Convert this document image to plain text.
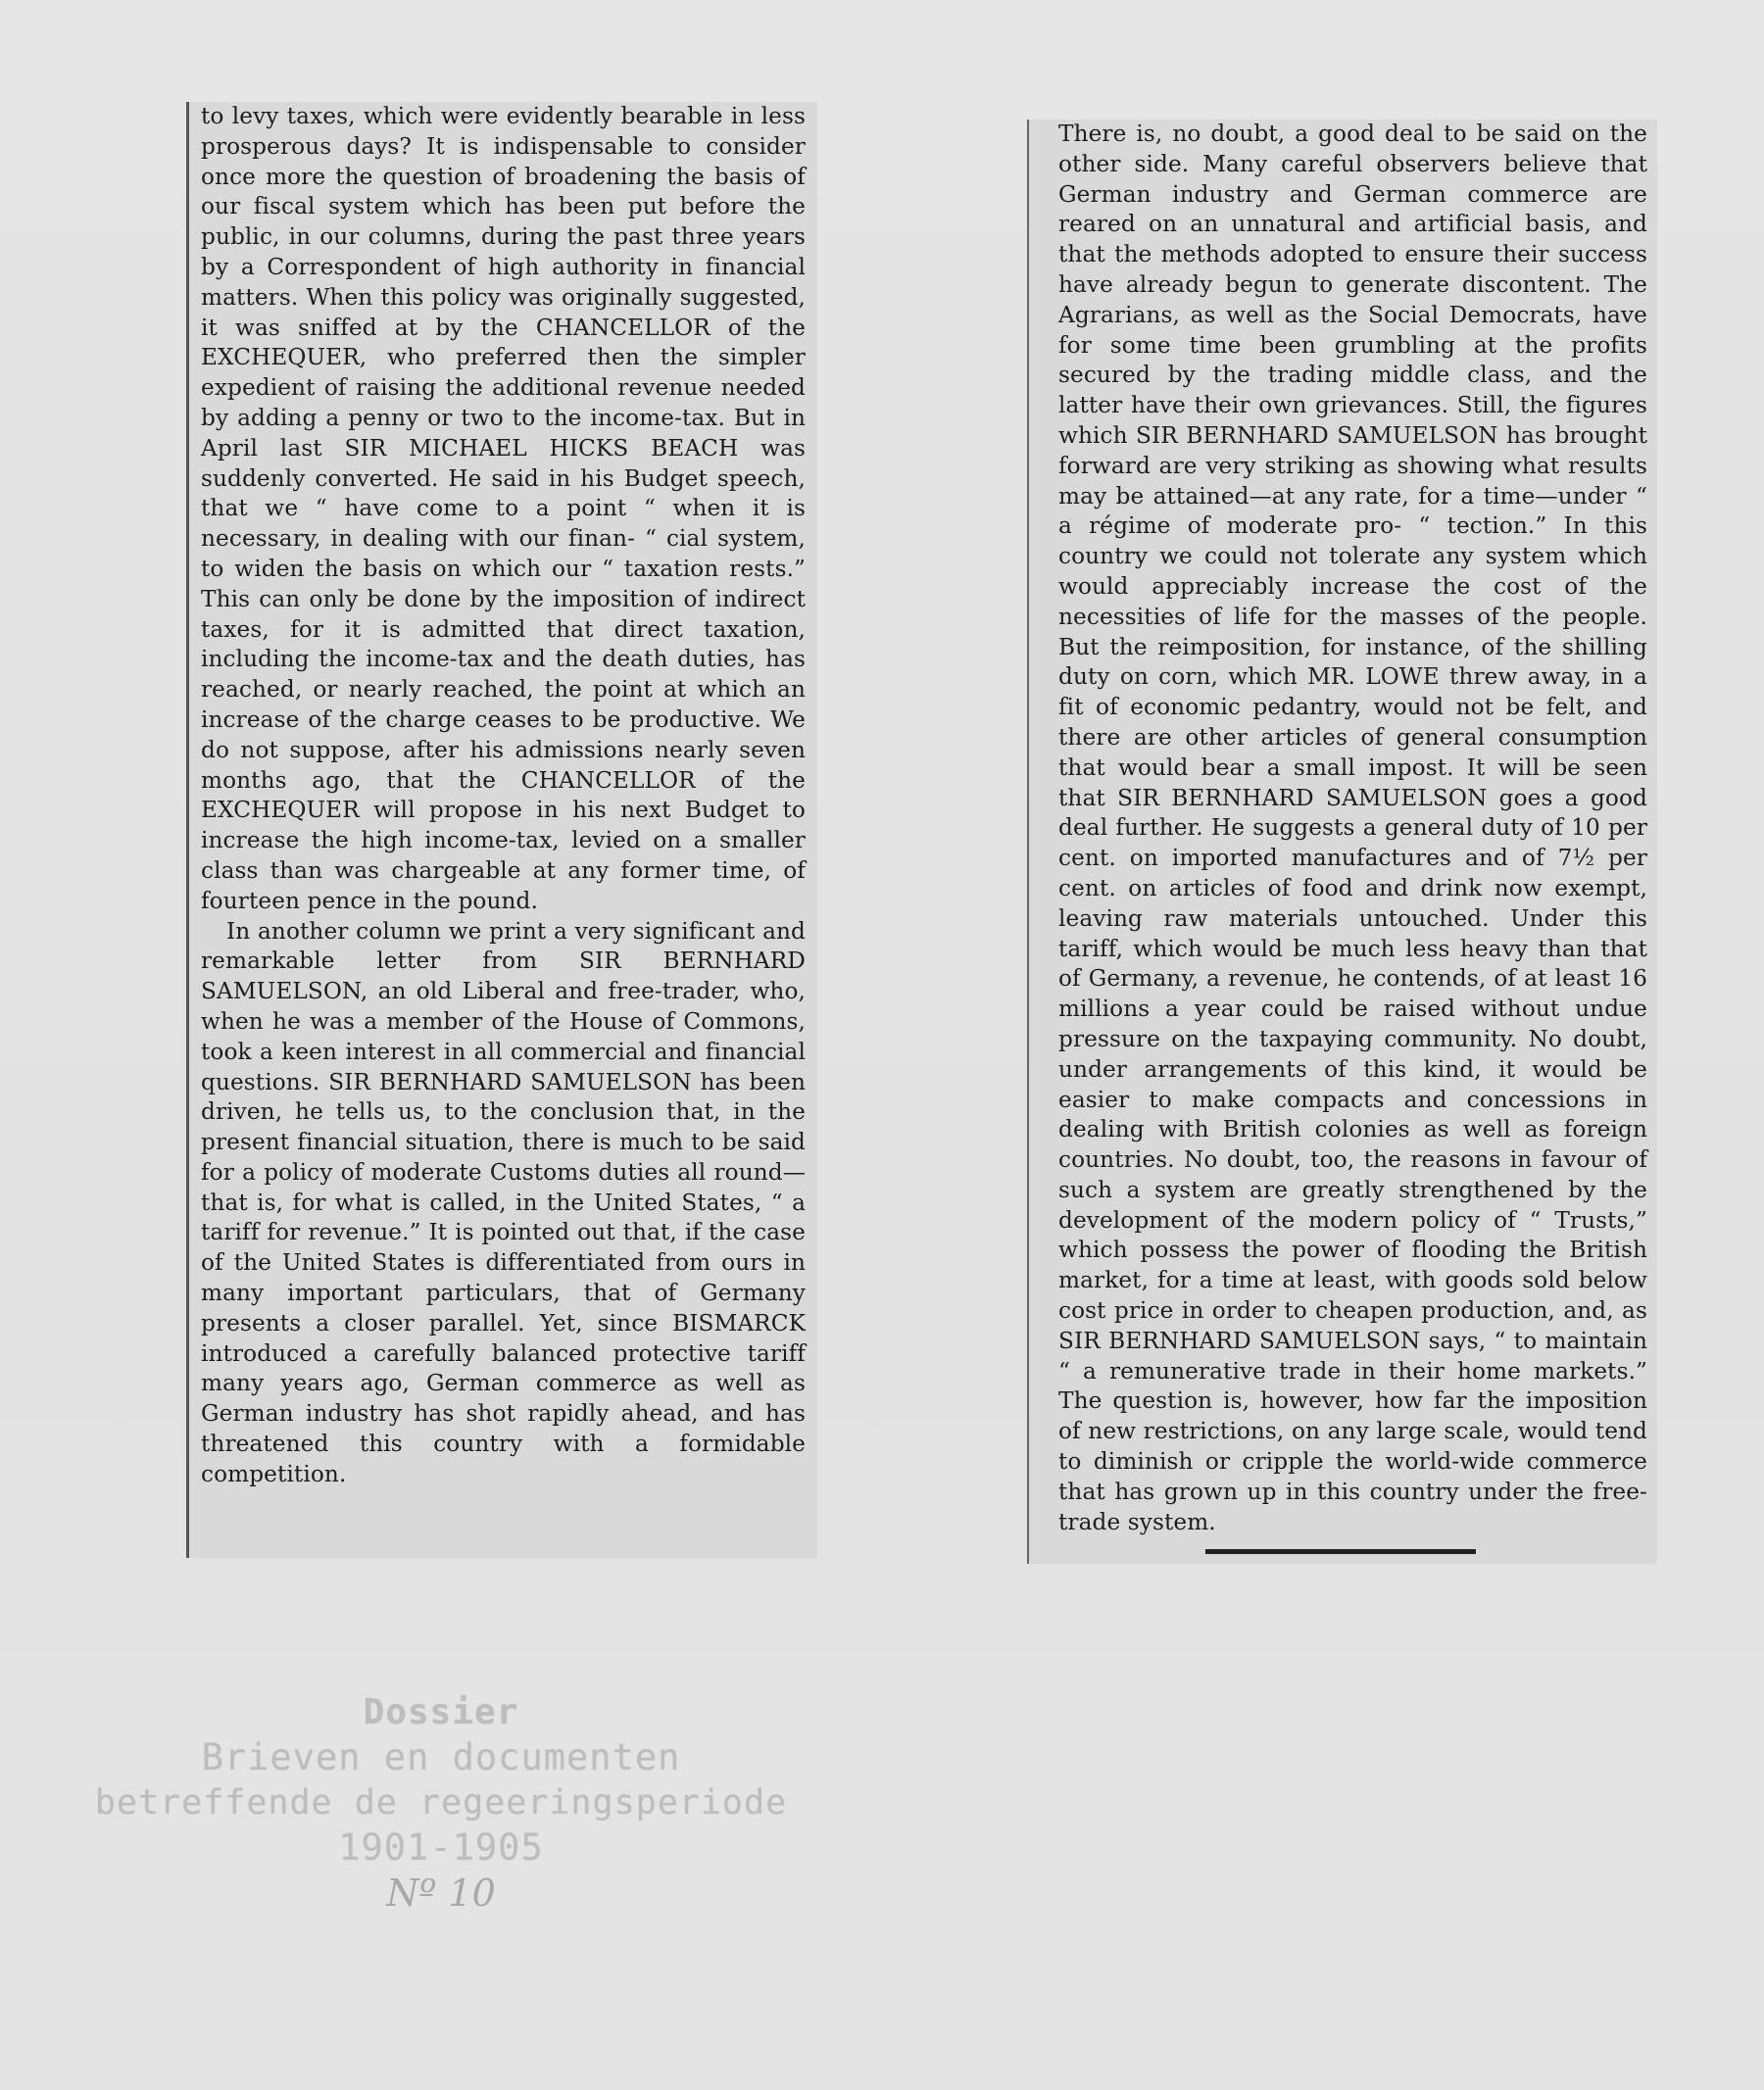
to levy taxes, which were evidently bearable in less prosperous days? It is indispensable to consider once more the question of broadening the basis of our fiscal system which has been put before the public, in our columns, during the past three years by a Correspondent of high authority in financial matters. When this policy was originally suggested, it was sniffed at by the CHANCELLOR of the EXCHEQUER, who preferred then the simpler expedient of raising the additional revenue needed by adding a penny or two to the income-tax. But in April last SIR MICHAEL HICKS BEACH was suddenly converted. He said in his Budget speech, that we “ have come to a point “ when it is necessary, in dealing with our finan- “ cial system, to widen the basis on which our “ taxation rests.” This can only be done by the imposition of indirect taxes, for it is admitted that direct taxation, including the income-tax and the death duties, has reached, or nearly reached, the point at which an increase of the charge ceases to be productive. We do not suppose, after his admissions nearly seven months ago, that the CHANCELLOR of the EXCHEQUER will propose in his next Budget to increase the high income-tax, levied on a smaller class than was chargeable at any former time, of fourteen pence in the pound.

In another column we print a very significant and remarkable letter from SIR BERNHARD SAMUELSON, an old Liberal and free-trader, who, when he was a member of the House of Commons, took a keen interest in all commercial and financial questions. SIR BERNHARD SAMUELSON has been driven, he tells us, to the conclusion that, in the present financial situation, there is much to be said for a policy of moderate Customs duties all round—that is, for what is called, in the United States, “ a tariff for revenue.” It is pointed out that, if the case of the United States is differentiated from ours in many important particulars, that of Germany presents a closer parallel. Yet, since BISMARCK introduced a carefully balanced protective tariff many years ago, German commerce as well as German industry has shot rapidly ahead, and has threatened this country with a formidable competition.

There is, no doubt, a good deal to be said on the other side. Many careful observers believe that German industry and German commerce are reared on an unnatural and artificial basis, and that the methods adopted to ensure their success have already begun to generate discontent. The Agrarians, as well as the Social Democrats, have for some time been grumbling at the profits secured by the trading middle class, and the latter have their own grievances. Still, the figures which SIR BERNHARD SAMUELSON has brought forward are very striking as showing what results may be attained—at any rate, for a time—under “ a régime of moderate pro- “ tection.” In this country we could not tolerate any system which would appreciably increase the cost of the necessities of life for the masses of the people. But the reimposition, for instance, of the shilling duty on corn, which MR. LOWE threw away, in a fit of economic pedantry, would not be felt, and there are other articles of general consumption that would bear a small impost. It will be seen that SIR BERNHARD SAMUELSON goes a good deal further. He suggests a general duty of 10 per cent. on imported manufactures and of 7½ per cent. on articles of food and drink now exempt, leaving raw materials untouched. Under this tariff, which would be much less heavy than that of Germany, a revenue, he contends, of at least 16 millions a year could be raised without undue pressure on the taxpaying community. No doubt, under arrangements of this kind, it would be easier to make compacts and concessions in dealing with British colonies as well as foreign countries. No doubt, too, the reasons in favour of such a system are greatly strengthened by the development of the modern policy of “ Trusts,” which possess the power of flooding the British market, for a time at least, with goods sold below cost price in order to cheapen production, and, as SIR BERNHARD SAMUELSON says, “ to maintain “ a remunerative trade in their home markets.” The question is, however, how far the imposition of new restrictions, on any large scale, would tend to diminish or cripple the world-wide commerce that has grown up in this country under the free-trade system.

Dossier
Brieven en documenten
betreffende de regeeringsperiode
1901-1905
Nº 10
